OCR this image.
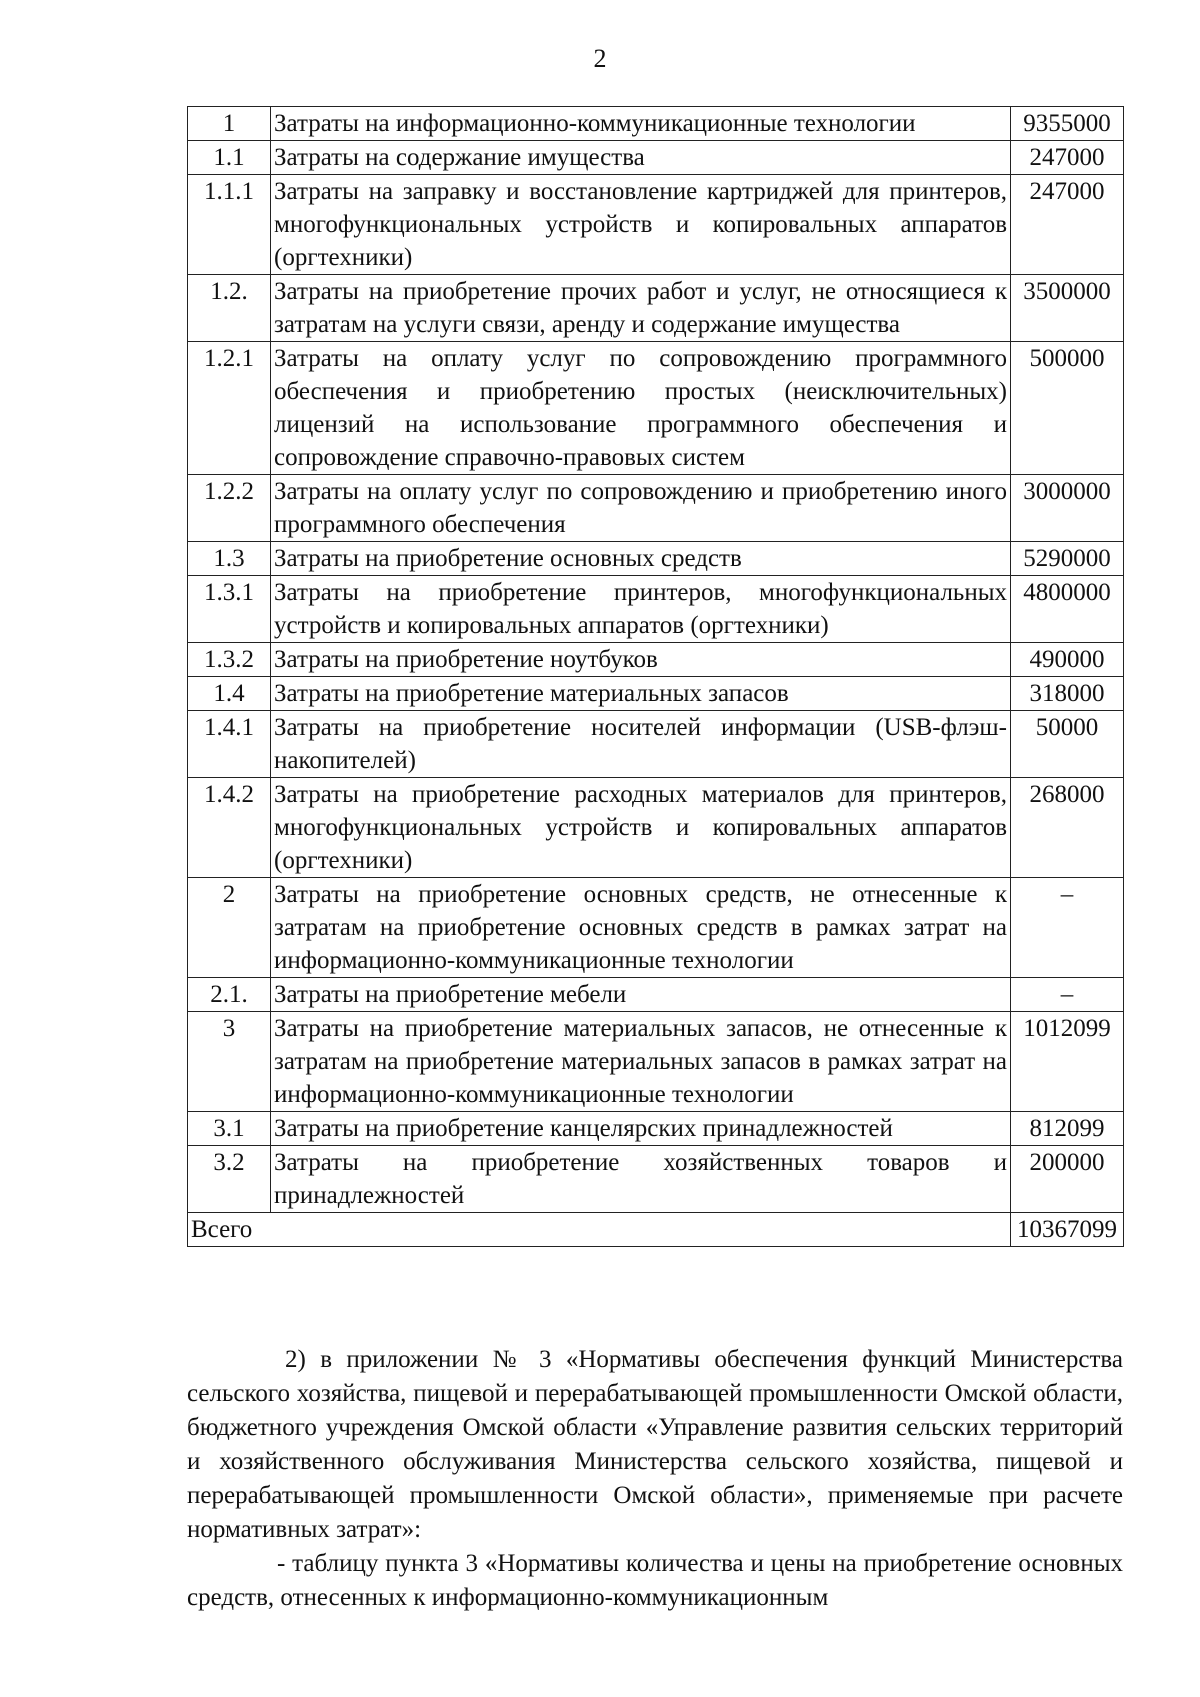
2
1	Затраты на информационно-коммуникационные технологии	9355000
1.1	Затраты на содержание имущества	247000
1.1.1	Затраты на заправку и восстановление картриджей для принтеров, многофункциональных устройств и копировальных аппаратов (оргтехники)	247000
1.2.	Затраты на приобретение прочих работ и услуг, не относящиеся к затратам на услуги связи, аренду и содержание имущества	3500000
1.2.1	Затраты на оплату услуг по сопровождению программного обеспечения и приобретению простых (неисключительных) лицензий на использование программного обеспечения и сопровождение справочно-правовых систем	500000
1.2.2	Затраты на оплату услуг по сопровождению и приобретению иного программного обеспечения	3000000
1.3	Затраты на приобретение основных средств	5290000
1.3.1	Затраты на приобретение принтеров, многофункциональных устройств и копировальных аппаратов (оргтехники)	4800000
1.3.2	Затраты на приобретение ноутбуков	490000
1.4	Затраты на приобретение материальных запасов	318000
1.4.1	Затраты на приобретение носителей информации (USB-флэш-накопителей)	50000
1.4.2	Затраты на приобретение расходных материалов для принтеров, многофункциональных устройств и копировальных аппаратов (оргтехники)	268000
2	Затраты на приобретение основных средств, не отнесенные к затратам на приобретение основных средств в рамках затрат на информационно-коммуникационные технологии	–
2.1.	Затраты на приобретение мебели	–
3	Затраты на приобретение материальных запасов, не отнесенные к затратам на приобретение материальных запасов в рамках затрат на информационно-коммуникационные технологии	1012099
3.1	Затраты на приобретение канцелярских принадлежностей	812099
3.2	Затраты на приобретение хозяйственных товаров и принадлежностей	200000
Всего		10367099

2) в приложении № 3 «Нормативы обеспечения функций Министерства сельского хозяйства, пищевой и перерабатывающей промышленности Омской области, бюджетного учреждения Омской области «Управление развития сельских территорий и хозяйственного обслуживания Министерства сельского хозяйства, пищевой и перерабатывающей промышленности Омской области», применяемые при расчете нормативных затрат»:

- таблицу пункта 3 «Нормативы количества и цены на приобретение основных средств, отнесенных к информационно-коммуникационным
